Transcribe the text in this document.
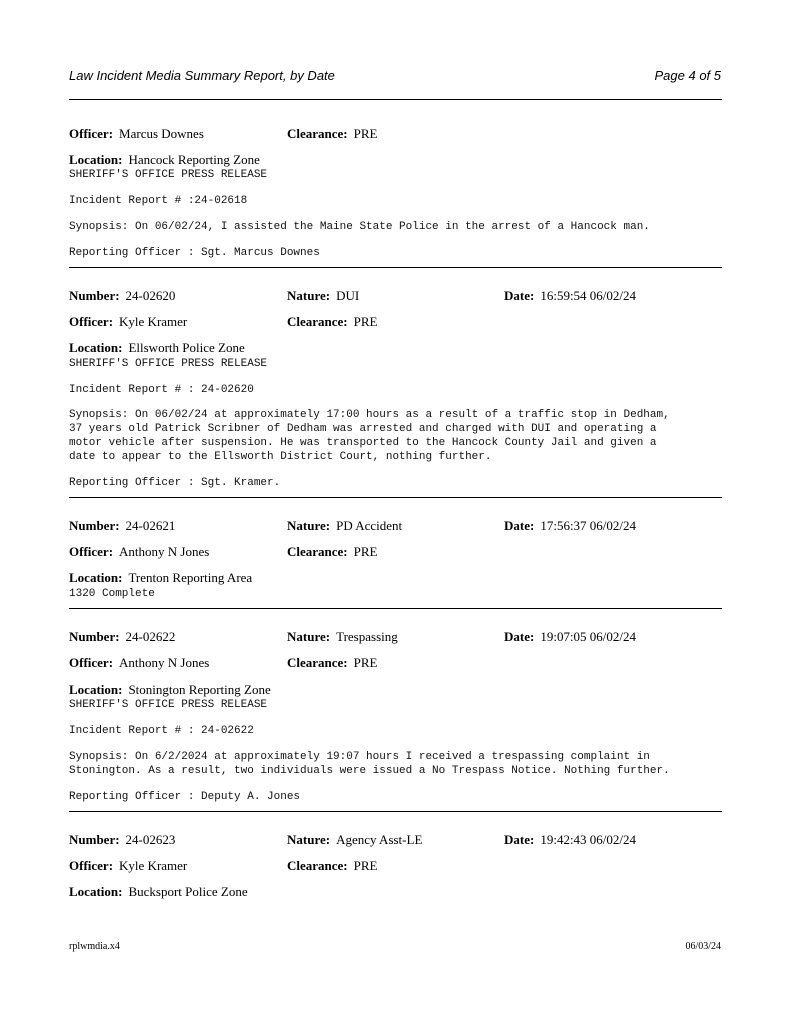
Law Incident Media Summary Report, by Date	Page 4 of 5
Officer: Marcus Downes	Clearance: PRE
Location: Hancock Reporting Zone
SHERIFF'S OFFICE PRESS RELEASE
Incident Report # :24-02618
Synopsis: On 06/02/24, I assisted the Maine State Police in the arrest of a Hancock man.
Reporting Officer : Sgt. Marcus Downes
Number: 24-02620	Nature: DUI	Date: 16:59:54 06/02/24
Officer: Kyle Kramer	Clearance: PRE
Location: Ellsworth Police Zone
SHERIFF'S OFFICE PRESS RELEASE
Incident Report # : 24-02620
Synopsis: On 06/02/24 at approximately 17:00 hours as a result of a traffic stop in Dedham,
37 years old Patrick Scribner of Dedham was arrested and charged with DUI and operating a
motor vehicle after suspension. He was transported to the Hancock County Jail and given a
date to appear to the Ellsworth District Court, nothing further.
Reporting Officer : Sgt. Kramer.
Number: 24-02621	Nature: PD Accident	Date: 17:56:37 06/02/24
Officer: Anthony N Jones	Clearance: PRE
Location: Trenton Reporting Area
1320 Complete
Number: 24-02622	Nature: Trespassing	Date: 19:07:05 06/02/24
Officer: Anthony N Jones	Clearance: PRE
Location: Stonington Reporting Zone
SHERIFF'S OFFICE PRESS RELEASE
Incident Report # : 24-02622
Synopsis: On 6/2/2024 at approximately 19:07 hours I received a trespassing complaint in
Stonington. As a result, two individuals were issued a No Trespass Notice. Nothing further.
Reporting Officer : Deputy A. Jones
Number: 24-02623	Nature: Agency Asst-LE	Date: 19:42:43 06/02/24
Officer: Kyle Kramer	Clearance: PRE
Location: Bucksport Police Zone
rplwmdia.x4	06/03/24
